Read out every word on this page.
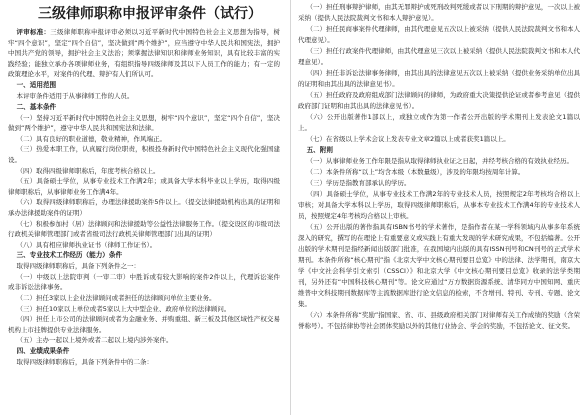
三级律师职称申报评审条件（试行）

评审标准：三级律师职称申报评审必须以习近平新时代中国特色社会主义思想为指导，树牢“四个意识”，坚定“四个自信”，坚决做到“两个维护”，应当遵守中华人民共和国宪法，拥护中国共产党的领导，拥护社会主义法治；须掌握法律知识和律师业务知识，具有比较丰富的实践经验；能独立承办各项律师业务，有组织指导四级律师及其以下人员工作的能力；有一定的政策理论水平，对案件的代理、辩护有人们所认可。

一、适用范围

本评审条件适用于从事律师工作的人员。

二、基本条件

（一）坚持习近平新时代中国特色社会主义思想，树牢“四个意识”，坚定“四个自信”，坚决做到“两个维护”，遵守中华人民共和国宪法和法律。

（二）具有良好的职业道德，敬业精神，作风端正。

（三）热爱本职工作，认真履行岗位职责，积极投身新时代中国特色社会主义现代化强国建设。

（四）取得四级律师职称后，年度考核合格以上。

（五）具备硕士学位，从事专业技术工作满2年；或具备大学本科毕业以上学历，取得四级律师职称后，从事律师业务工作满4年。

（六）取得四级律师职称后，办理法律援助案件5件以上。（提交法律援助机构出具的证明和承办法律援助案件的证明）

（七）积极参加村（居）法律顾问和法律援助等公益性法律服务工作。（提交设区的市级司法行政机关律师管理部门或者省级司法行政机关律师管理部门出具的证明）

（八）具有相应律师执业证书（律师工作证书）。

三、专业技术工作经历（能力）条件

取得四级律师职称后，具备下列条件之一：

（一）中级以上法院审判（一审二审）中胜诉或有较大影响的案件2件以上，代理诉讼案件或非诉讼法律事务。

（二）担任3家以上企业法律顾问或者担任的法律顾问单位主要业务。

（三）担任10家以上单位或者5家以上大中型企业、政府单位的法律顾问。

（四）担任上市公司的法律顾问或者为金融业务、并购重组、新三板及其他区域性产权交易机构上市挂牌提供专业法律服务。

（五）主办一起以上境外或者二起以上境内涉外案件。

四、业绩成果条件

取得四级律师职称后，具备下列条件中的二条：

（一）担任刑事辩护律师，由其无罪辩护或死刑改判死缓或者以下刑期的辩护意见，一次以上被采纳（提供人民法院裁判文书和本人辩护意见）。

（二）担任民商事案件代理律师，由其代理意见五次以上被采纳（提供人民法院裁判文书和本人代理意见）。

（三）担任行政案件代理律师，由其代理意见三次以上被采纳（提供人民法院裁判文书和本人代理意见）。

（四）担任非诉讼法律事务律师，由其出具的法律意见五次以上被采纳（提供业务采纳单位出具的证明和由其出具的法律意见书）。

（五）担任政府及政府组成部门法律顾问的律师，为政府重大决策提供论证或者参考意见（提供政府部门证明和由其出具的法律意见书）。

（六）公开出版著作1部以上，或独立或作为第一作者公开出版的学术期刊上发表论文1篇以上。

（七）在省级以上学术会议上发表专业文章2篇以上或者获奖1篇以上。

五、附则

（一）从事律师业务工作年限是指从取得律师执业证之日起，并经考核合格的有效执业经历。

（二）本条件所称“以上”均含本级（本数量级），涉及的年限均按周年计算。

（三）学历是指教育部承认的学历。

（四）具备硕士学位，从事专业技术工作满2年的专业技术人员，按照规定2年考核均合格以上审核；对具备大学本科以上学历，取得四级律师职称后，从事本专业技术工作满4年的专业技术人员，按照规定4年考核均合格以上审核。

（五）公开出版的著作指具有ISBN书号的学术著作，是指作者在某一学科领域内从事多年系统深入的研究，撰写的在理论上有重要意义或实践上有重大发现的学术研究成果，不包括编著。公开出版的学术期刊是指经新闻出版部门批准，在我国境内出版的具有ISSN刊号和CN刊号的正式学术期刊。本条件所称“核心期刊”指《北京大学中文核心期刊要目总览》中的法律、法学期刊，南京大学《中文社会科学引文索引（CSSCI）》和北京大学《中文核心期刊要目总览》收录的法学类期刊，另外还有“中国科技核心期刊”等。论文应通过“万方数据资源系统、清华同方中国知网、重庆维普中文科技期刊数据库等主流数据库进行论文信息的检索，不含增刊、特刊、专刊、专题、论文集。

（六）本条件所称“奖励”指国家、省、市、县级政府相关部门对律师有关工作成绩的奖励（含荣誉称号）。不包括律协等社会团体奖励以外的其他行业协会、学会的奖励，不包括论文、征文奖。
